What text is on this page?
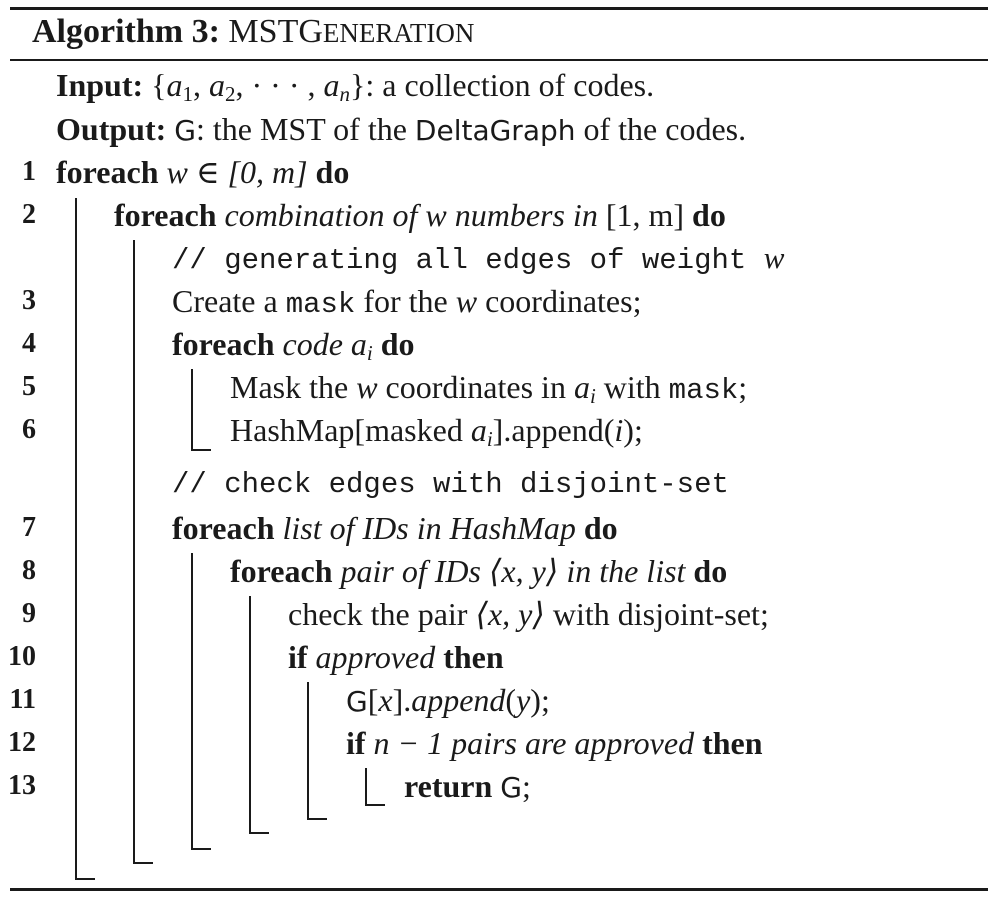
Algorithm 3: MSTGENERATION
Input: {$a_1$, $a_2$, · · · , $a_n$}: a collection of codes.
Output: G: the MST of the DeltaGraph of the codes.
1
2
3
4
5
6
7
8
9
10
11
12
13
foreach w ∈ [0, m] do
foreach combination of w numbers in [1, m] do
// generating all edges of weight w
Create a mask for the w coordinates;
foreach code $a_i$ do
Mask the w coordinates in $a_i$ with mask;
HashMap[masked $a_i].append(i)$;
// check edges with disjoint-set
foreach list of IDs in HashMap do
foreach pair of IDs ⟨x, y⟩ in the list do
check the pair ⟨x, y⟩ with disjoint-set;
if approved then
G[x].append(y);
if n − 1 pairs are approved then
return G;
